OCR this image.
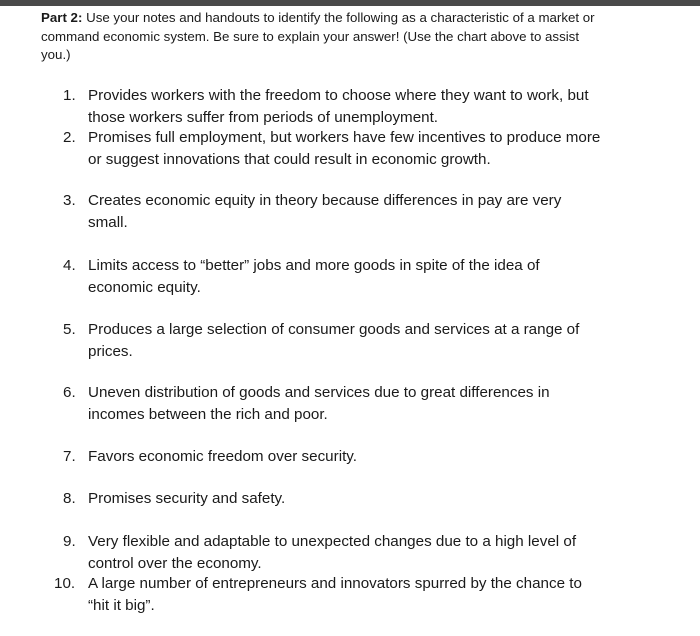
Part 2: Use your notes and handouts to identify the following as a characteristic of a market or command economic system. Be sure to explain your answer! (Use the chart above to assist you.)

1. Provides workers with the freedom to choose where they want to work, but those workers suffer from periods of unemployment.
2. Promises full employment, but workers have few incentives to produce more or suggest innovations that could result in economic growth.
3. Creates economic equity in theory because differences in pay are very small.
4. Limits access to “better” jobs and more goods in spite of the idea of economic equity.
5. Produces a large selection of consumer goods and services at a range of prices.
6. Uneven distribution of goods and services due to great differences in incomes between the rich and poor.
7. Favors economic freedom over security.
8. Promises security and safety.
9. Very flexible and adaptable to unexpected changes due to a high level of control over the economy.
10. A large number of entrepreneurs and innovators spurred by the chance to “hit it big”.
